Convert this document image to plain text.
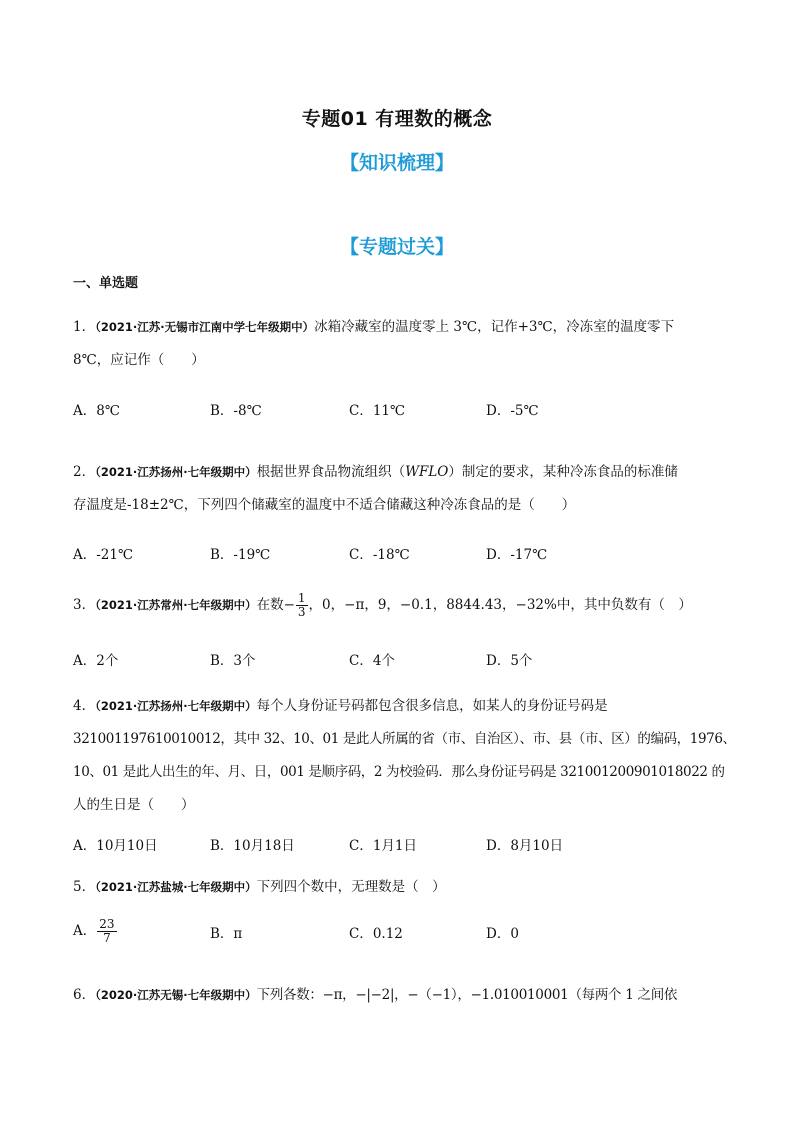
专题01 有理数的概念
【知识梳理】
【专题过关】
一、单选题
1．（2021·江苏·无锡市江南中学七年级期中）冰箱冷藏室的温度零上 3℃，记作+3℃，冷冻室的温度零下
8℃，应记作（　　）
A．8℃	B．-8℃	C．11℃	D．-5℃
2．（2021·江苏扬州·七年级期中）根据世界食品物流组织（WFLO）制定的要求，某种冷冻食品的标准储
存温度是-18±2℃，下列四个储藏室的温度中不适合储藏这种冷冻食品的是（　　）
A．-21℃	B．-19℃	C．-18℃	D．-17℃
3．（2021·江苏常州·七年级期中）在数− $\frac{1}{3}$ ，0，−π，9，−0.1，8844.43，−32%中，其中负数有（　）
A．2个	B．3个	C．4个	D．5个
4．（2021·江苏扬州·七年级期中）每个人身份证号码都包含很多信息，如某人的身份证号码是
321001197610010012，其中 32、10、01 是此人所属的省（市、自治区）、市、县（市、区）的编码，1976、
10、01 是此人出生的年、月、日，001 是顺序码，2 为校验码．那么身份证号码是 321001200901018022 的
人的生日是（　　）
A．10月10日	B．10月18日	C．1月1日	D．8月10日
5．（2021·江苏盐城·七年级期中）下列四个数中，无理数是（　）
A． $\frac{23}{7}$	B．π	C．0.12	D．0
6．（2020·江苏无锡·七年级期中）下列各数：−π，−|−2|，−（−1），−1.010010001（每两个 1 之间依
